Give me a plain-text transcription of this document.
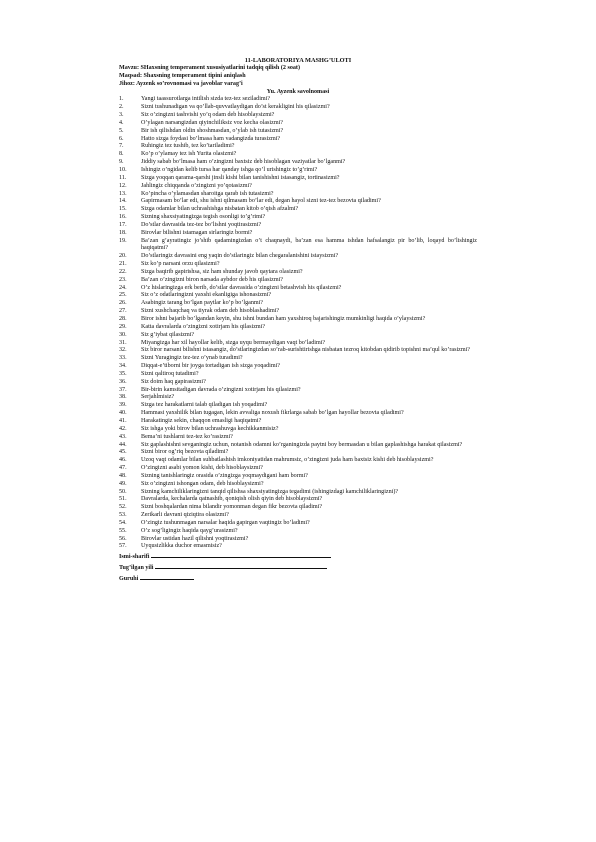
11-LABORATORIYA MASHG’ULOTI
Mavzu: SHaxsning temperament xususiyatlarini tadqiq qilish (2 soat)
Maqsad: Shaxsning temperament tipini aniqlash
Jihoz: Ayzenk so’rovnomasi va javoblar varag’i
Yu. Ayzenk savolnomasi
1.	Yangi taassurotlarga intilish sizda tez-tez seziladimi?
2.	Sizni tushunadigan va qo’llab-quvvatlaydigan do’st kerakligini his qilasizmi?
3.	Siz o’zingizni tashvishi yo’q odam deb hisoblaysizmi?
4.	O’ylagan narsangizdan qiyinchiliksiz voz kecha olasizmi?
5.	Bir ish qilishdan oldin shoshmasdan, o’ylab ish tutasizmi?
6.	Hatto sizga foydasi bo’lmasa ham vadangizda turasizmi?
7.	Ruhingiz tez tushib, tez ko’tariladimi?
8.	Ko’p o’ylamay tez ish Yurita olasizmi?
9.	Jiddiy sabab bo’lmasa ham o’zingizni baxtsiz deb hisoblagan vaziyatlar bo’lganmi?
10. Ishingiz o’ngidan kelib tursa har qanday ishga qo’l urishingiz to’g’rimi?
11. Sizga yoqqan qarama-qarshi jinsli kishi bilan tanishishni istasangiz, tortinasizmi?
12. Jahlingiz chiqqanda o’zingizni yo’qotasizmi?
13. Ko’pincha o’ylamasdan sharoitga qarab ish tutasizmi?
14. Gapirmasam bo’lar edi, shu ishni qilmasam bo’lar edi, degan hayol sizni tez-tez bezovta qiladimi?
15. Sizga odamlar bilan uchrashishga nisbatan kitob o’qish afzalmi?
16. Sizning shaxsiyatingizga tegish osonligi to’g’rimi?
17. Do’stlar davrasida tez-tez bo’lishni yoqtirasizmi?
18. Birovlar bilishni istamagan sirlaringiz bormi?
19. Ba’zan g’ayratingiz jo’shib qadamingizdan o’t chaqnaydi, ba’zan esa hamma ishdan hafsalangiz pir bo’lib, loqayd bo’lishingiz haqiqatmi?
20. Do’stlaringiz davrasini eng yaqin do’stlaringiz bilan chegaralanishini istaysizmi?
21. Siz ko’p narsani orzu qilasizmi?
22. Sizga baqirib gapirishsa, siz ham shunday javob qaytara olasizmi?
23. Ba’zan o’zingizni biron narsada aybdor deb his qilasizmi?
24. O’z hislaringizga erk berib, do’stlar davrasida o’zingizni betashvish his qilasizmi?
25. Siz o’z odatlaringizni yaxshi ekanligiga ishonasizmi?
26. Asabingiz tarang bo’lgan paytlar ko’p bo’lganmi?
27. Sizni xushchaqchaq va tiyrak odam deb hisoblashadimi?
28. Biror ishni bajarib bo’lgandan keyin, shu ishni bundan ham yaxshiroq bajarishingiz mumkinligi haqida o’ylaysizmi?
29. Katta davralarda o’zingizni xotirjam his qilasizmi?
30. Siz g’iybat qilasizmi?
31. Miyangizga har xil hayollar kelib, sizga uyqu bermaydigan vaqt bo’ladimi?
32. Siz biror narsani bilishni istasangiz, do’stlaringizdan so’rab-surishtirishga nisbatan tezroq kitobdan qidirib topishni ma’qul ko’rasizmi?
33. Sizni Yuragingiz tez-tez o’ynab turadimi?
34. Diqqat-e’tiborni bir joyga tortadigan ish sizga yoqadimi?
35. Sizni qaltiroq tutadimi?
36. Siz doim haq gapirasizmi?
37. Bir-birin kamsitadigan davrada o’zingizni xotirjam his qilasizmi?
38. Serjahlmisiz?
39. Sizga tez harakatlarni talab qiladigan ish yoqadimi?
40. Hammasi yaxshilik bilan tugagan, lekin avvaliga noxush fikrlarga sabab bo’lgan hayollar bezovta qiladimi?
41. Harakatingiz sekin, chaqqon emasligi haqiqatmi?
42. Siz ishga yoki birov bilan uchrashuvga kechikkanmisiz?
43. Bema’ni tushlarni tez-tez ko’rasizmi?
44. Siz gaplashishni sevganingiz uchun, notanish odamni ko’rganingizda paytni boy bermasdan u bilan gaplashishga harakat qilasizmi?
45. Sizni biror og’riq bezovta qiladimi?
46. Uzoq vaqt odamlar bilan suhbatlashish imkoniyatidan mahrumsiz, o’zingizni juda ham baxtsiz kishi deb hisoblaysizmi?
47. O’zingizni asabi yomon kishi, deb hisoblaysizmi?
48. Sizning tanishlaringiz orasida o’zingizga yoqmaydigani ham bormi?
49. Siz o’zingizni ishongan odam, deb hisoblaysizmi?
50. Sizning kamchiliklaringizni tanqid qilishsa shaxsiyatingizga tegadimi (ishingizdagi kamchiliklaringizni)?
51. Davralarda, kechalarda qatnashib, qoniqish olish qiyin deb hisoblaysizmi?
52. Sizni boshqalardan nima bilandir yomonman degan fikr bezovta qiladimi?
53. Zerikarli davrani qiziqtira olasizmi?
54. O’zingiz tushunmagan narsalar haqida gapirgan vaqtingiz bo’ladimi?
55. O’z sog’ligingiz haqida qayg’urasizmi?
56. Birovlar ustidan hazil qilishni yoqtirasizmi?
57. Uyqusizlikka duchor emasmisiz?
Ismi-sharifi
Tug’ilgan yili
Guruhi
